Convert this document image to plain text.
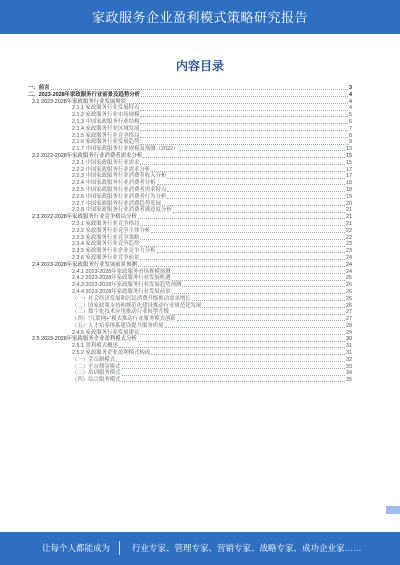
家政服务企业盈利模式策略研究报告
内容目录
一、前言	3
二、2023-2028年家政服务行业前景及趋势分析	4
2.1 2023-2028年家政服务行业发展现状	4
2.1.1 家政服务行业发展特点	4
2.1.2 家政服务行业市场规模	5
2.1.3 中国家政服务行业结构	6
2.1.4 家政服务行业区域发展	7
2.1.5 家政服务行业竞争格局	8
2.1.6 家政服务行业发展趋势	9
2.1.7 中国家政服务行业规模及预测（2022）	13
2.2 2022-2028年家政服务行业消费者需求分析	15
2.2.1 中国家政服务行业需求	15
2.2.2 中国家政服务行业需求分析	17
2.2.3 中国家政服务行业消费者收入分析	17
2.2.4 中国家政服务行业消费者分析	18
2.2.5 中国家政服务行业消费者需求特点	18
2.2.6 中国家政服务行业消费者行为分析	19
2.2.7 中国家政服务行业消费趋势发展	20
2.2.8 中国家政服务行业消费者满意度分析	21
2.3 2022-2028年家政服务行业竞争格局分析	21
2.3.1 家政服务行业竞争格局	21
2.3.2 家政服务行业竞争主体分析	22
2.3.3 家政服务行业竞争策略	22
2.3.4 家政服务行业竞争趋势	23
2.3.5 家政服务行业企业竞争力分析	23
2.3.6 家政服务行业竞争前景	24
2.4 2023-2028年家政服务行业发展前景预测	24
2.4.1 2023-2028年家政服务市场规模预测	24
2.4.2 2023-2028年家政服务行业发展机遇	25
2.4.3 2023-2028年家政服务行业发展趋势预测	26
2.4.4 2023-2028年家政服务行业发展前景	26
（一）社会经济发展和居民消费升级推动需求增长	26
（二）国家政策支持和规范化建设推动行业规范化发展	26
（三）数字化技术应用推动行业转型升级	27
（四）“互联网+”模式推动行业服务模式创新	27
（五）人才培养体系建设提升服务质量	28
2.4.5 家政服务行业发展建议	29
2.5 2023-2028年家政服务企业盈利模式分析	30
2.5.1 盈利模式概述	31
2.5.2 家政服务企业盈利模式构成	31
（一）会员制模式	32
（二）平台佣金模式	33
（三）培训服务模式	34
（四）综合服务模式	35
让每个人都能成为	行业专家、管理专家、营销专家、战略专家、成功企业家……
